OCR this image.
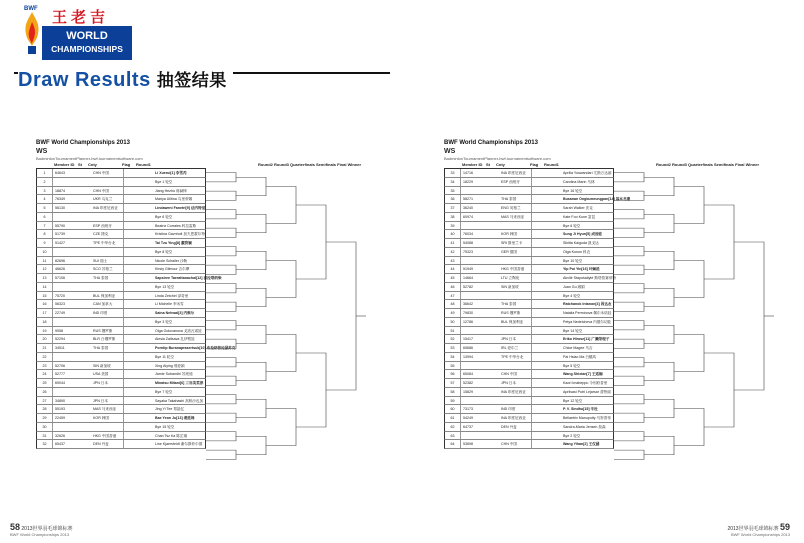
BWF 王老吉
WORLD
CHAMPIONSHIPS
Draw Results 抽签结果
BWF World Championships 2013
WS
BadmintonTournamentPlanner-bwf.tournamentsoftware.com
Member ID St Cnty	Flag Round1	Round2 Round3 Quarterfinals Semifinals Final Winner
1	64643	CHN 中国	Li Xuerui[1] 李雪芮
2	Bye 1 轮空
3	18874	CHN 中国	Jiang Hezhu 蒋赫铸
4	76349	UKR 乌克兰	Mariya Ulitina 乌里蒂娜
5	56130	INA 印度尼西亚	Lindaweni Fanetri[9] 法内特里
6	Bye 6 轮空
7	55790	ESP 西班牙	Beatriz Corrales 科拉雷斯
8	51739	CZE 捷克	Kristina Gavnholt 加夫恩霍尔特
9	51427	TPE 中华台北	Tai Tzu Ying[8] 戴资颖
10	Bye 8 轮空
11	82696	SUI 瑞士	Nicole Schaller 沙勒
12	46626	SCO 苏格兰	Kirsty Gilmour 吉尔摩
13	57106	THA 泰国	Sapsiree Taerattanachai[12] 泰拉塔纳柴
14	Bye 13 轮空
15	75720	BUL 保加利亚	Linda Zetchiri 泽奇里
16	56323	CAN 加拿大	Li Michelle 李米雪
17	22749	IND 印度	Saina Nehwal[3] 内维尔
18	Bye 3 轮空
19	9058	RUS 俄罗斯	Olga Golovanova 戈洛瓦诺娃
20	52294	BLR 白俄罗斯	Alesia Zaitsava 扎伊察娃
21	34511	THA 泰国	Porntip Buranaprasertsuk[10] 布拉纳普拉瑟苏克
22	Bye 11 轮空
23	52706	SIN 新加坡	Xing Aiying 邢爱颖
24	52777	USA 美国	Jamie Subandhi 苏班迪
25	69044	JPN 日本	Minatsu Mitani[6] 三谷美菜津
26	Bye 7 轮空
27	34890	JPN 日本	Sayaka Takahashi 高桥沙也加
28	55193	MAS 马来西亚	Jing Yi Tee 郑晶忆
29	22459	KOR 韩国	Bae Yeon Ju[13] 裴延姝
30	Bye 15 轮空
31	32626	HKG 中国香港	Chan Tsz Ka 陈芷珈
32	65437	DEN 丹麦	Line Kjaersfeldt 谢尔斯菲尔德
BWF World Championships 2013
WS
BadmintonTournamentPlanner-bwf.tournamentsoftware.com
Member ID St Cnty	Flag Round1	Round2 Round3 Quarterfinals Semifinals Final Winner
33	14716	INA 印度尼西亚	Aprilia Yuswandari 尤斯万达丽
34	18229	ESP 西班牙	Carolina Marin 马林
35	Bye 16 轮空
36	58271	THA 泰国	Busanan Ongbumrungpan[14] 翁本龙潘
37	36240	ENG 英格兰	Sarah Walker 沃克
38	60974	MAS 马来西亚	Kate Foo Kune 富昆
39	Bye 6 轮空
40	76034	KOR 韩国	Sung Ji Hyun[5] 成池铉
41	54088	SRI 斯里兰卡	Sikitta Kaigoda 凯戈达
42	75323	GER 德国	Olga Konon 科农
43	Bye 10 轮空
44	51949	HKG 中国香港	Yip Pui Yin[16] 叶姵延
45	14664	LTU 立陶宛	Akvilė Stapušaitytė 斯塔普赛蒂特
46	52782	SIN 新加坡	Juan Gu 顾娟
47	Bye 4 轮空
48	36642	THA 泰国	Ratchanok Intanon[4] 因达农
49	79830	RUS 俄罗斯	Natalia Perminova 佩尔米诺娃
50	12786	BUL 保加利亚	Petya Nedelcheva 内德尔切娃
51	Bye 14 轮空
52	15417	JPN 日本	Eriko Hirose[11] 广濑荣理子
53	65686	IRL 爱尔兰	Chloe Magee 马吉
54	13994	TPE 中华台北	Pai Hsiao Ma 白驍馬
55	Bye 5 轮空
56	65084	CHN 中国	Wang Shixian[7] 王适娴
57	52382	JPN 日本	Kaori Imabeppu 今别府香里
58	15829	INA 印度尼西亚	Aprilsasi Putri Lejarsar 普特丽
59	Bye 12 轮空
60	73173	IND 印度	P. V. Sindhu[15] 辛杜
61	54249	INA 印度尼西亚	Bellaetrix Manuputty 马努普蒂
62	64737	DEN 丹麦	Sandra-Maria Jensen 詹森
63	Bye 2 轮空
64	53698	CHN 中国	Wang Yihan[2] 王仪涵
58 2013世界羽毛球锦标赛
BWF World Championships 2013
2013世界羽毛球锦标赛 59
BWF World Championships 2013
